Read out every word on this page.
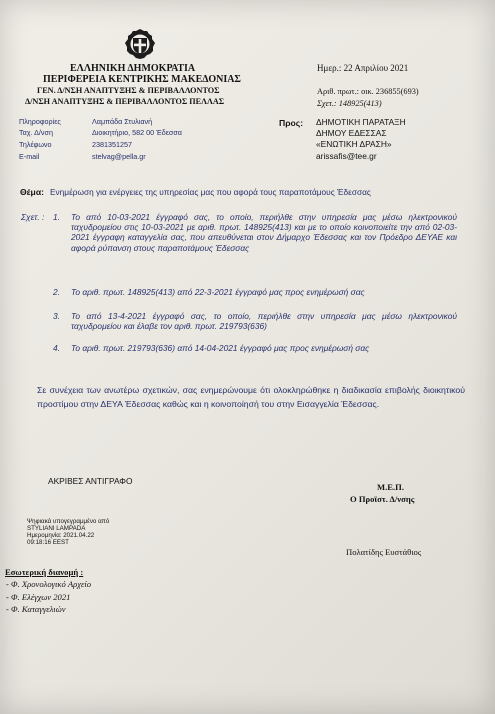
ΕΛΛΗΝΙΚΗ ΔΗΜΟΚΡΑΤΙΑ
ΠΕΡΙΦΕΡΕΙΑ ΚΕΝΤΡΙΚΗΣ ΜΑΚΕΔΟΝΙΑΣ
ΓΕΝ. Δ/ΝΣΗ ΑΝΑΠΤΥΞΗΣ & ΠΕΡΙΒΑΛΛΟΝΤΟΣ
Δ/ΝΣΗ ΑΝΑΠΤΥΞΗΣ & ΠΕΡΙΒΑΛΛΟΝΤΟΣ ΠΕΛΛΑΣ
Ημερ.: 22 Απριλίου 2021
Αριθ. πρωτ.: οικ. 236855(693)
Σχετ.: 148925(413)
Πληροφορίες	Λαμπάδα Στυλιανή
Ταχ. Δ/νση	Διοικητήριο, 582 00 Έδεσσα
Τηλέφωνο	2381351257
E-mail	stelvag@pella.gr
Προς: ΔΗΜΟΤΙΚΗ ΠΑΡΑΤΑΞΗ
ΔΗΜΟΥ ΕΔΕΣΣΑΣ
«ΕΝΩΤΙΚΗ ΔΡΑΣΗ»
arissafis@tee.gr
Θέμα: Ενημέρωση για ενέργειες της υπηρεσίας μας που αφορά τους παραποτάμους Έδεσσας
Σχετ. : 1. Το από 10-03-2021 έγγραφό σας, το οποίο, περιήλθε στην υπηρεσία μας μέσω ηλεκτρονικού ταχυδρομείου στις 10-03-2021 με αριθ. πρωτ. 148925(413) και με το οποίο κοινοποιείτε την από 02-03-2021 έγγραφη καταγγελία σας, που απευθύνεται στον Δήμαρχο Έδεσσας και τον Πρόεδρο ΔΕΥΑΕ και αφορά ρύπανση στους παραποτάμους Έδεσσας
2. Το αριθ. πρωτ. 148925(413) από 22-3-2021 έγγραφό μας προς ενημέρωσή σας
3. Το από 13-4-2021 έγγραφό σας, το οποίο, περιήλθε στην υπηρεσία μας μέσω ηλεκτρονικού ταχυδρομείου και έλαβε τον αριθ. πρωτ. 219793(636)
4. Το αριθ. πρωτ. 219793(636) από 14-04-2021 έγγραφό μας προς ενημέρωσή σας
Σε συνέχεια των ανωτέρω σχετικών, σας ενημερώνουμε ότι ολοκληρώθηκε η διαδικασία επιβολής διοικητικού προστίμου στην ΔΕΥΑ Έδεσσας καθώς και η κοινοποίησή του στην Εισαγγελία Έδεσσας.
ΑΚΡΙΒΕΣ ΑΝΤΙΓΡΑΦΟ
Μ.Ε.Π.
Ο Προϊστ. Δ/νσης
Ψηφιακά υπογεγραμμένο από
STYLIANI LAMPADA
Ημερομηνία: 2021.04.22
09:18:16 EEST
Πολατίδης Ευστάθιος
Εσωτερική διανομή :
- Φ. Χρονολογικό Αρχείο
- Φ. Ελέγχων 2021
- Φ. Καταγγελιών
